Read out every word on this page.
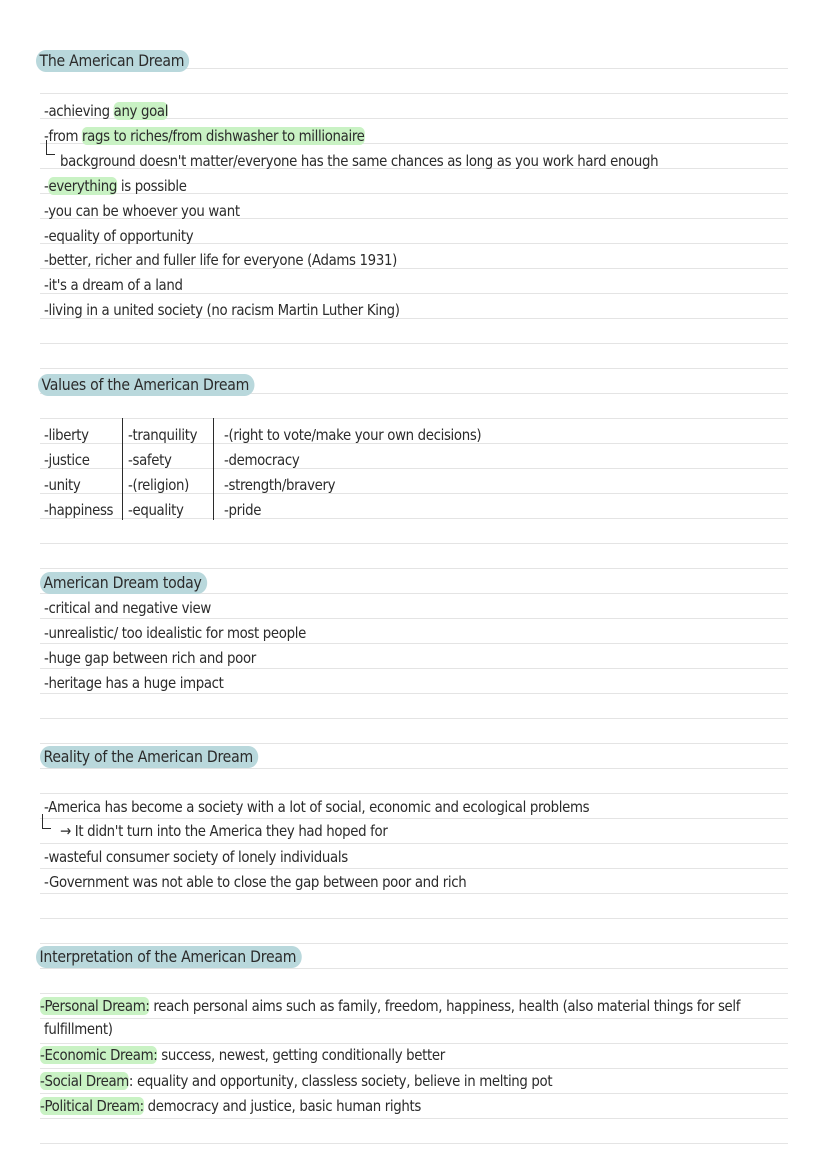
The American Dream
-achieving any goal
-from rags to riches/from dishwasher to millionaire
background doesn't matter/everyone has the same chances as long as you work hard enough
-everything is possible
-you can be whoever you want
-equality of opportunity
-better, richer and fuller life for everyone (Adams 1931)
-it's a dream of a land
-living in a united society (no racism Martin Luther King)
Values of the American Dream
-liberty
-justice
-unity
-happiness
-tranquility
-safety
-(religion)
-equality
-(right to vote/make your own decisions)
-democracy
-strength/bravery
-pride
American Dream today
-critical and negative view
-unrealistic/ too idealistic for most people
-huge gap between rich and poor
-heritage has a huge impact
Reality of the American Dream
-America has become a society with a lot of social, economic and ecological problems
→ It didn't turn into the America they had hoped for
-wasteful consumer society of lonely individuals
-Government was not able to close the gap between poor and rich
Interpretation of the American Dream
-Personal Dream: reach personal aims such as family, freedom, happiness, health (also material things for self
fulfillment)
-Economic Dream: success, newest, getting conditionally better
-Social Dream: equality and opportunity, classless society, believe in melting pot
-Political Dream: democracy and justice, basic human rights
